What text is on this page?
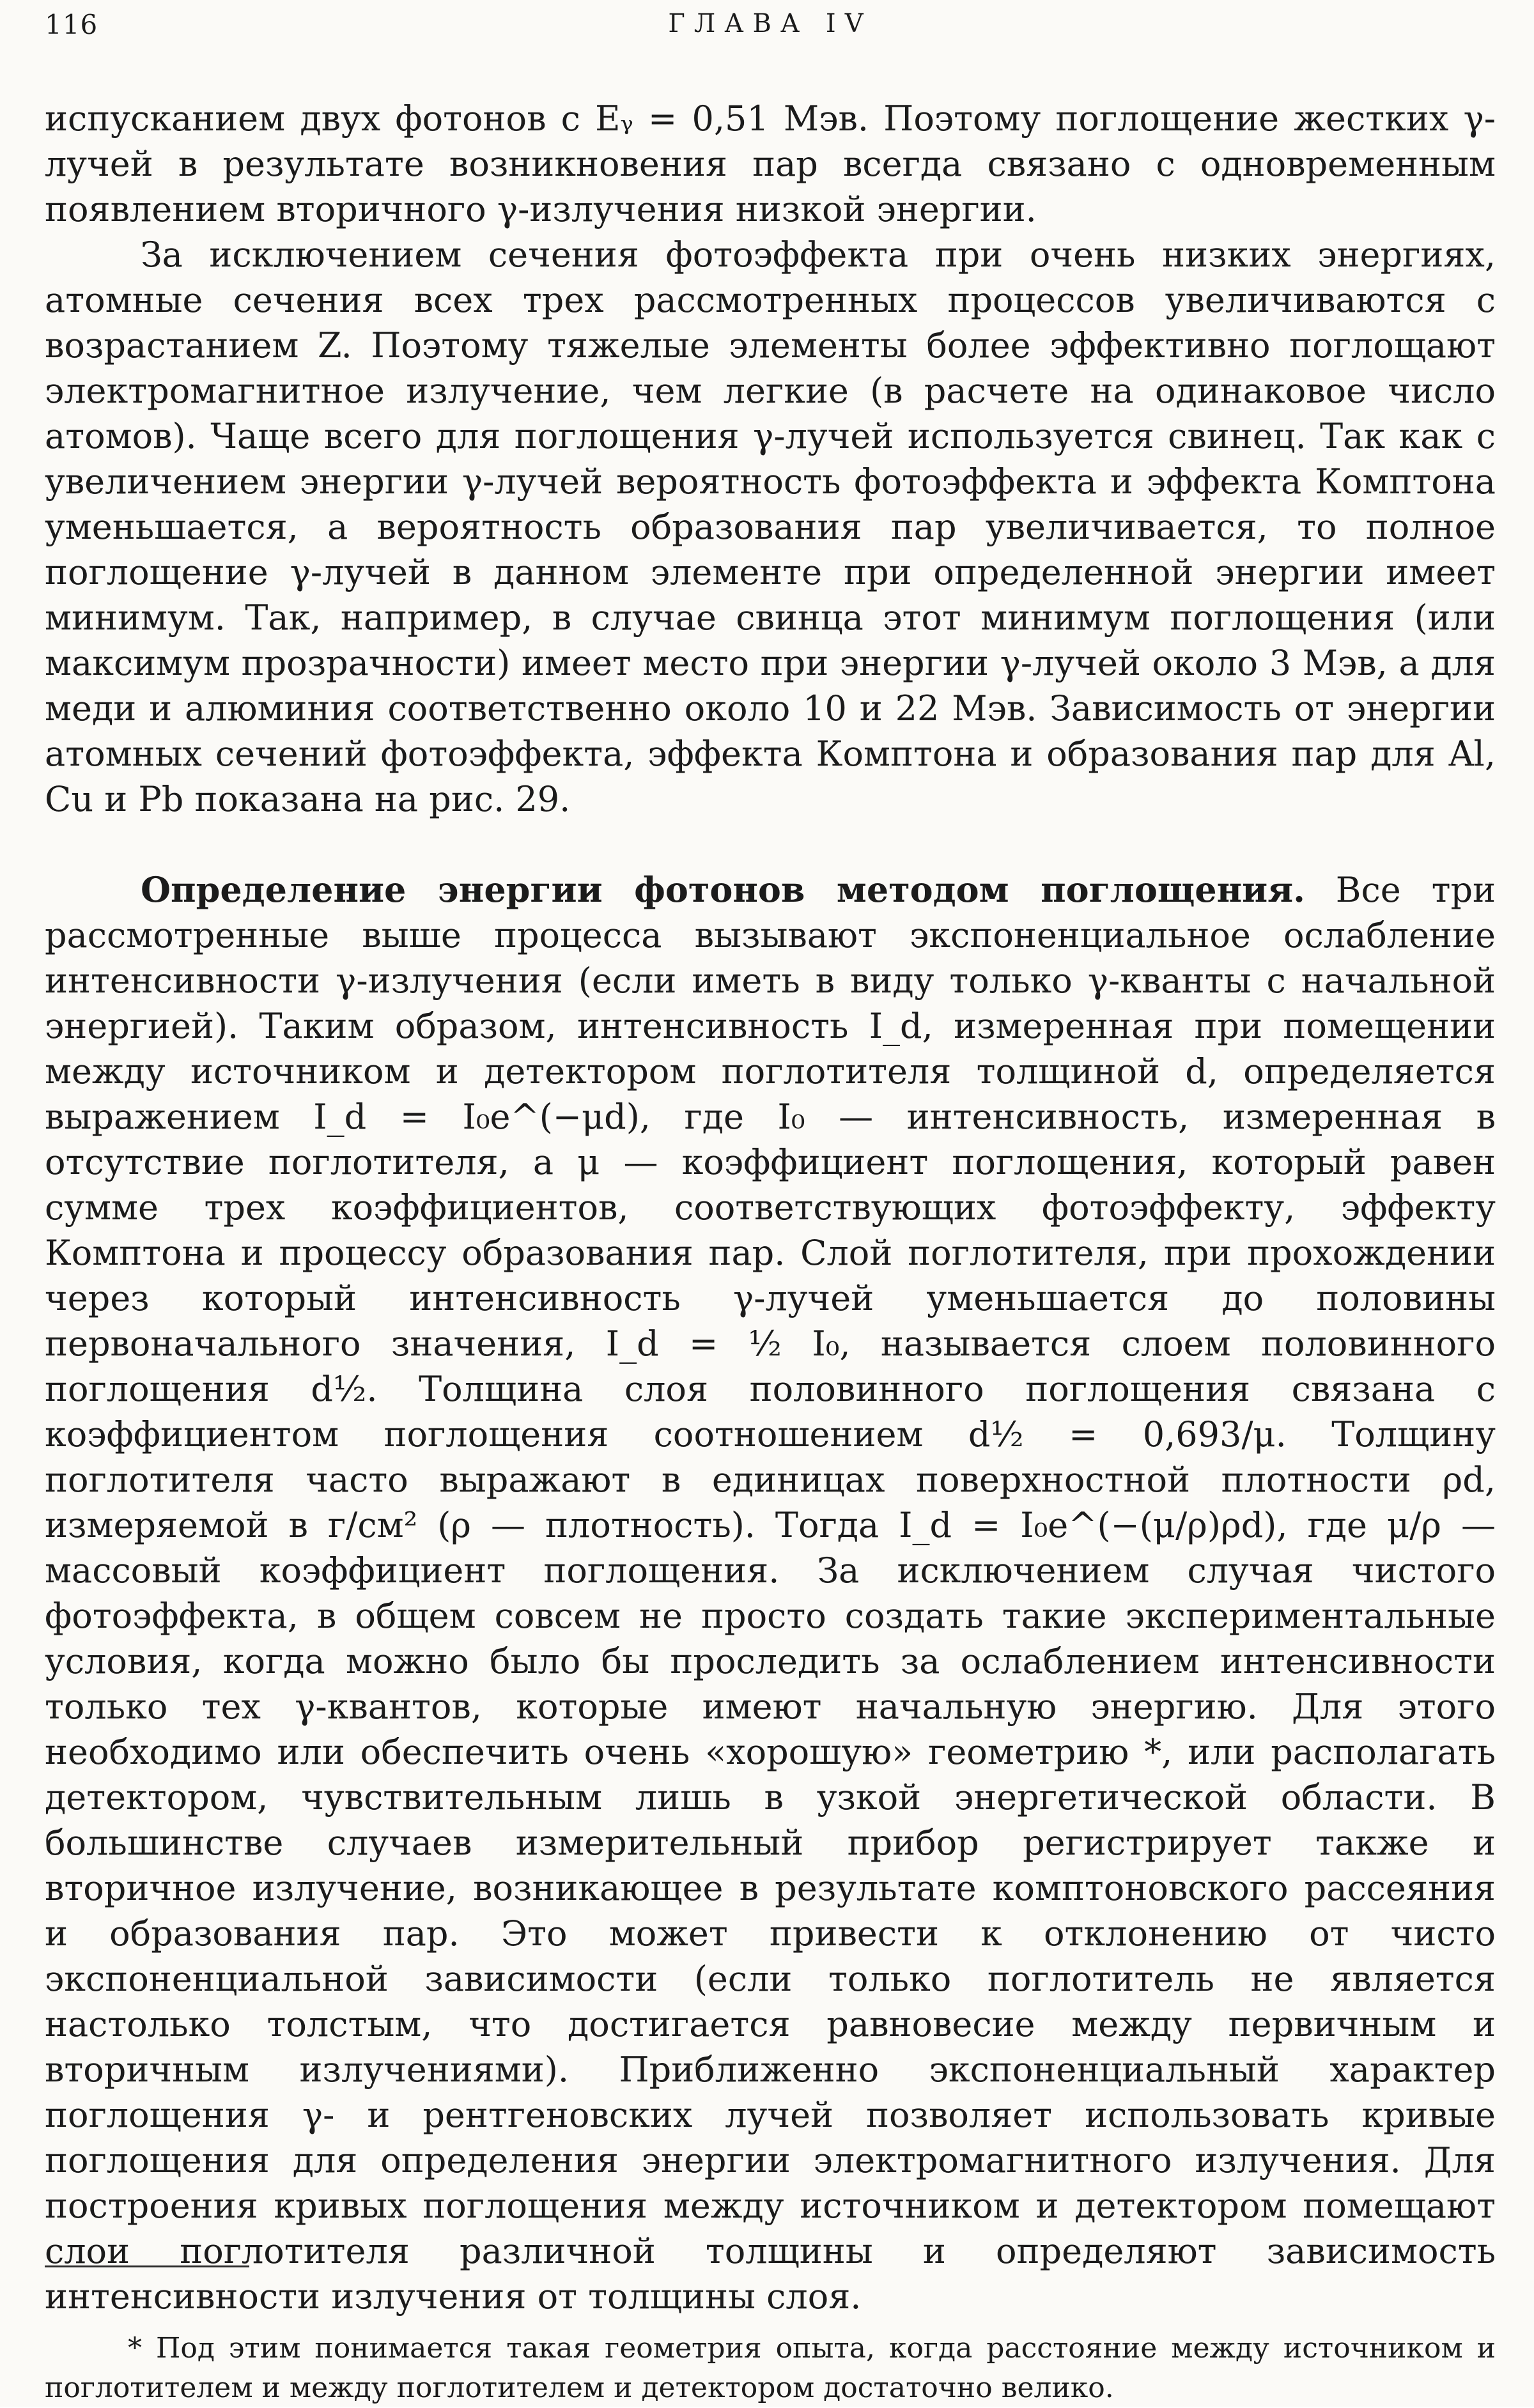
116	ГЛАВА IV

испусканием двух фотонов с Eᵧ = 0,51 Мэв. Поэтому поглощение жестких γ-лучей в результате возникновения пар всегда связано с одновременным появлением вторичного γ-излучения низкой энергии.

За исключением сечения фотоэффекта при очень низких энергиях, атомные сечения всех трех рассмотренных процессов увеличиваются с возрастанием Z. Поэтому тяжелые элементы более эффективно поглощают электромагнитное излучение, чем легкие (в расчете на одинаковое число атомов). Чаще всего для поглощения γ-лучей используется свинец. Так как с увеличением энергии γ-лучей вероятность фотоэффекта и эффекта Комптона уменьшается, а вероятность образования пар увеличивается, то полное поглощение γ-лучей в данном элементе при определенной энергии имеет минимум. Так, например, в случае свинца этот минимум поглощения (или максимум прозрачности) имеет место при энергии γ-лучей около 3 Мэв, а для меди и алюминия соответственно около 10 и 22 Мэв. Зависимость от энергии атомных сечений фотоэффекта, эффекта Комптона и образования пар для Al, Cu и Pb показана на рис. 29.

Определение энергии фотонов методом поглощения. Все три рассмотренные выше процесса вызывают экспоненциальное ослабление интенсивности γ-излучения (если иметь в виду только γ-кванты с начальной энергией). Таким образом, интенсивность I_d, измеренная при помещении между источником и детектором поглотителя толщиной d, определяется выражением I_d = I₀e^(−μd), где I₀ — интенсивность, измеренная в отсутствие поглотителя, а μ — коэффициент поглощения, который равен сумме трех коэффициентов, соответствующих фотоэффекту, эффекту Комптона и процессу образования пар. Слой поглотителя, при прохождении через который интенсивность γ-лучей уменьшается до половины первоначального значения, I_d = ½ I₀, называется слоем половинного поглощения d½. Толщина слоя половинного поглощения связана с коэффициентом поглощения соотношением d½ = 0,693/μ. Толщину поглотителя часто выражают в единицах поверхностной плотности ρd, измеряемой в г/см² (ρ — плотность). Тогда I_d = I₀e^(−(μ/ρ)ρd), где μ/ρ — массовый коэффициент поглощения. За исключением случая чистого фотоэффекта, в общем совсем не просто создать такие экспериментальные условия, когда можно было бы проследить за ослаблением интенсивности только тех γ-квантов, которые имеют начальную энергию. Для этого необходимо или обеспечить очень «хорошую» геометрию *, или располагать детектором, чувствительным лишь в узкой энергетической области. В большинстве случаев измерительный прибор регистрирует также и вторичное излучение, возникающее в результате комптоновского рассеяния и образования пар. Это может привести к отклонению от чисто экспоненциальной зависимости (если только поглотитель не является настолько толстым, что достигается равновесие между первичным и вторичным излучениями). Приближенно экспоненциальный характер поглощения γ- и рентгеновских лучей позволяет использовать кривые поглощения для определения энергии электромагнитного излучения. Для построения кривых поглощения между источником и детектором помещают слои поглотителя различной толщины и определяют зависимость интенсивности излучения от толщины слоя.

* Под этим понимается такая геометрия опыта, когда расстояние между источником и поглотителем и между поглотителем и детектором достаточно велико.
